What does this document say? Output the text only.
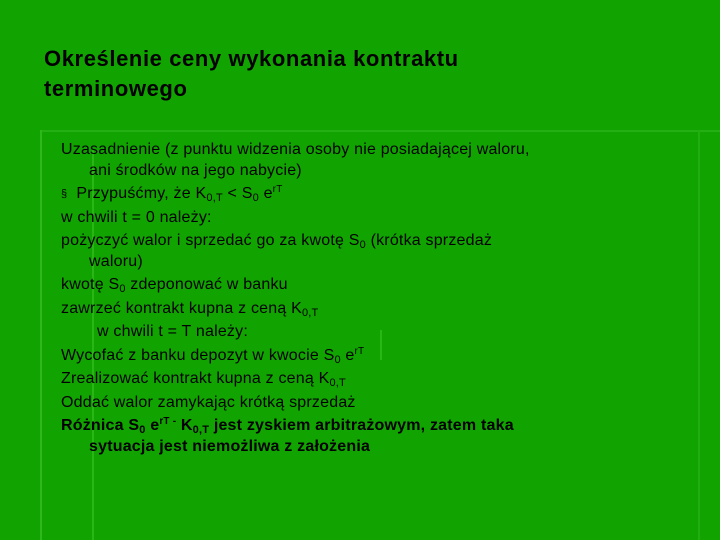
Określenie ceny wykonania kontraktu
terminowego
Uzasadnienie (z punktu widzenia osoby nie posiadającej waloru,
ani środków na jego nabycie)
§ Przypuśćmy, że $K_{0,T} < S_0$ $e^{rT}$
w chwili t = 0 należy:
pożyczyć walor i sprzedać go za kwotę $S_0$ (krótka sprzedaż
waloru)
kwotę $S_0$ zdeponować w banku
zawrzeć kontrakt kupna z ceną $K_{0,T}$
w chwili t = T należy:
Wycofać z banku depozyt w kwocie $S_0$ $e^{rT}$
Zrealizować kontrakt kupna z ceną $K_{0,T}$
Oddać walor zamykając krótką sprzedaż
Różnica $S_0$ $e^{rT -}$ $K_{0,T}$ jest zyskiem arbitrażowym, zatem taka
sytuacja jest niemożliwa z założenia
